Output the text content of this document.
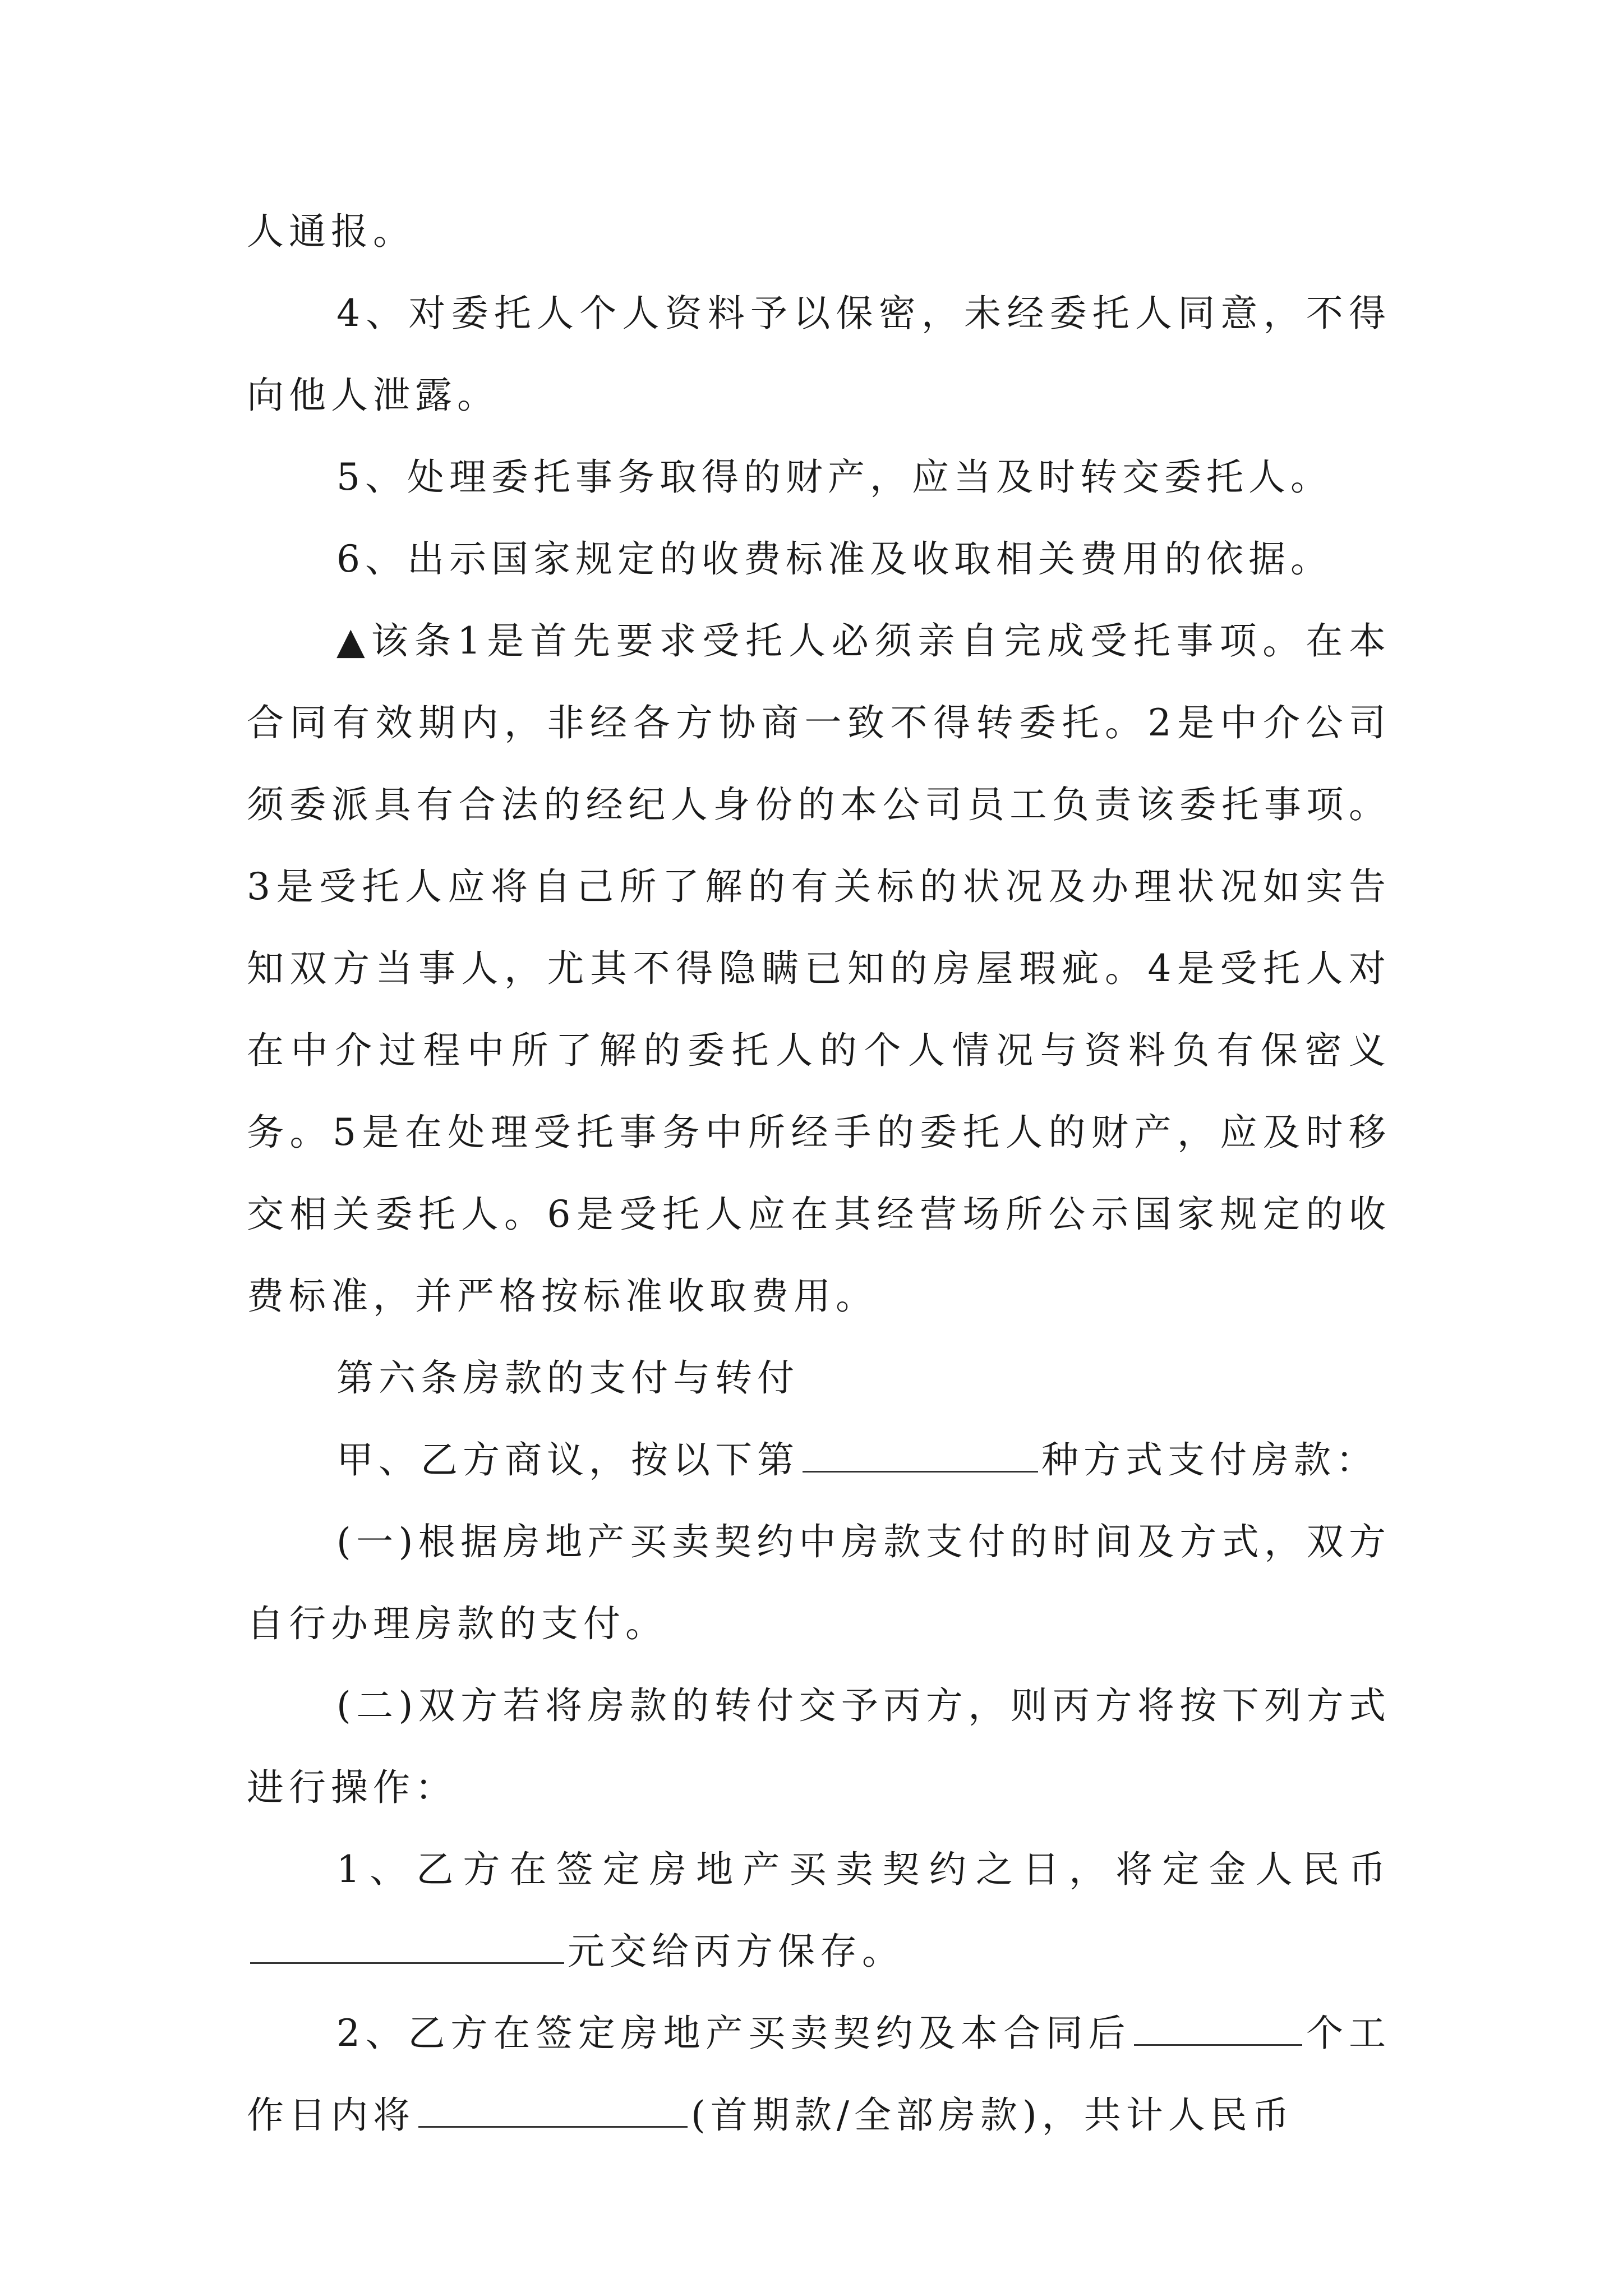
人通报。

4、对委托人个人资料予以保密，未经委托人同意，不得向他人泄露。

5、处理委托事务取得的财产，应当及时转交委托人。

6、出示国家规定的收费标准及收取相关费用的依据。

▲该条1是首先要求受托人必须亲自完成受托事项。在本合同有效期内，非经各方协商一致不得转委托。2是中介公司须委派具有合法的经纪人身份的本公司员工负责该委托事项。3是受托人应将自己所了解的有关标的状况及办理状况如实告知双方当事人，尤其不得隐瞒已知的房屋瑕疵。4是受托人对在中介过程中所了解的委托人的个人情况与资料负有保密义务。5是在处理受托事务中所经手的委托人的财产，应及时移交相关委托人。6是受托人应在其经营场所公示国家规定的收费标准，并严格按标准收取费用。

第六条房款的支付与转付

甲、乙方商议，按以下第	种方式支付房款：

(一)根据房地产买卖契约中房款支付的时间及方式，双方自行办理房款的支付。

(二)双方若将房款的转付交予丙方，则丙方将按下列方式进行操作：

1、乙方在签定房地产买卖契约之日，将定金人民币元交给丙方保存。

2、乙方在签定房地产买卖契约及本合同后	个工作日内将	(首期款/全部房款)，共计人民币
